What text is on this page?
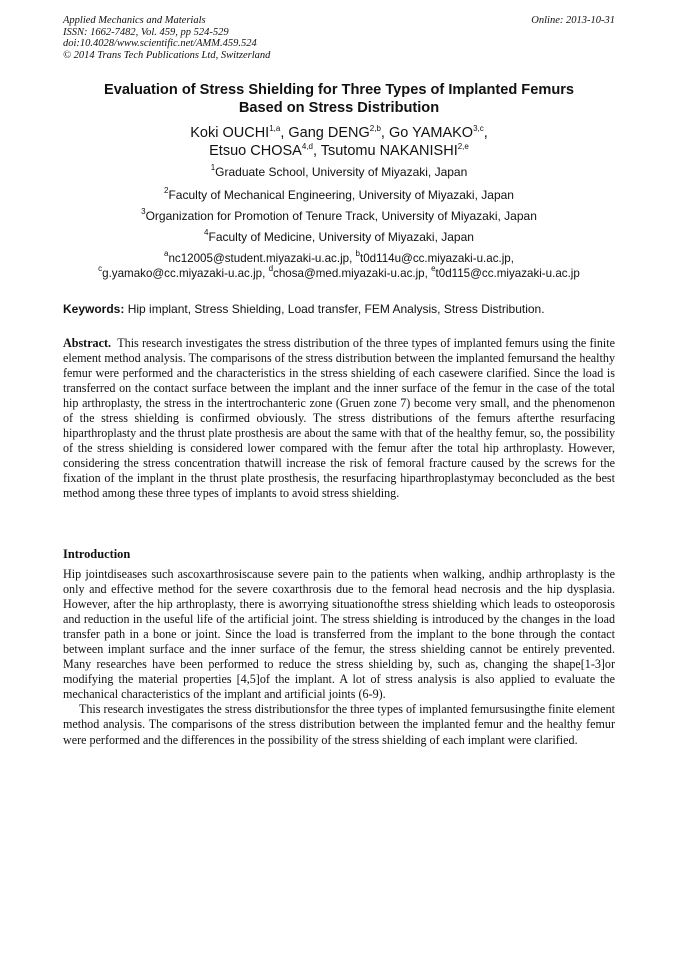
Applied Mechanics and Materials
ISSN: 1662-7482, Vol. 459, pp 524-529
doi:10.4028/www.scientific.net/AMM.459.524
© 2014 Trans Tech Publications Ltd, Switzerland
Online: 2013-10-31
Evaluation of Stress Shielding for Three Types of Implanted Femurs
Based on Stress Distribution
Koki OUCHI$^{1,a}$, Gang DENG$^{2,b}$, Go YAMAKO$^{3,c}$,
Etsuo CHOSA$^{4,d}$, Tsutomu NAKANISHI$^{2,e}$
$^1$Graduate School, University of Miyazaki, Japan
$^2$Faculty of Mechanical Engineering, University of Miyazaki, Japan
$^3$Organization for Promotion of Tenure Track, University of Miyazaki, Japan
$^4$Faculty of Medicine, University of Miyazaki, Japan
$^a$nc12005@student.miyazaki-u.ac.jp, $^b$t0d114u@cc.miyazaki-u.ac.jp,
$^c$g.yamako@cc.miyazaki-u.ac.jp, $^d$chosa@med.miyazaki-u.ac.jp, $^e$t0d115@cc.miyazaki-u.ac.jp
Keywords: Hip implant, Stress Shielding, Load transfer, FEM Analysis, Stress Distribution.
Abstract. This research investigates the stress distribution of the three types of implanted femurs using the finite element method analysis. The comparisons of the stress distribution between the implanted femursand the healthy femur were performed and the characteristics in the stress shielding of each casewere clarified. Since the load is transferred on the contact surface between the implant and the inner surface of the femur in the case of the total hip arthroplasty, the stress in the intertrochanteric zone (Gruen zone 7) become very small, and the phenomenon of the stress shielding is confirmed obviously. The stress distributions of the femurs afterthe resurfacing hiparthroplasty and the thrust plate prosthesis are about the same with that of the healthy femur, so, the possibility of the stress shielding is considered lower compared with the femur after the total hip arthroplasty. However, considering the stress concentration thatwill increase the risk of femoral fracture caused by the screws for the fixation of the implant in the thrust plate prosthesis, the resurfacing hiparthroplastymay beconcluded as the best method among these three types of implants to avoid stress shielding.
Introduction

Hip jointdiseases such ascoxarthrosiscause severe pain to the patients when walking, andhip arthroplasty is the only and effective method for the severe coxarthrosis due to the femoral head necrosis and the hip dysplasia. However, after the hip arthroplasty, there is aworrying situationofthe stress shielding which leads to osteoporosis and reduction in the useful life of the artificial joint. The stress shielding is introduced by the changes in the load transfer path in a bone or joint. Since the load is transferred from the implant to the bone through the contact between implant surface and the inner surface of the femur, the stress shielding cannot be entirely prevented. Many researches have been performed to reduce the stress shielding by, such as, changing the shape[1-3]or modifying the material properties [4,5]of the implant. A lot of stress analysis is also applied to evaluate the mechanical characteristics of the implant and artificial joints (6-9).

This research investigates the stress distributionsfor the three types of implanted femursusingthe finite element method analysis. The comparisons of the stress distribution between the implanted femur and the healthy femur were performed and the differences in the possibility of the stress shielding of each implant were clarified.
